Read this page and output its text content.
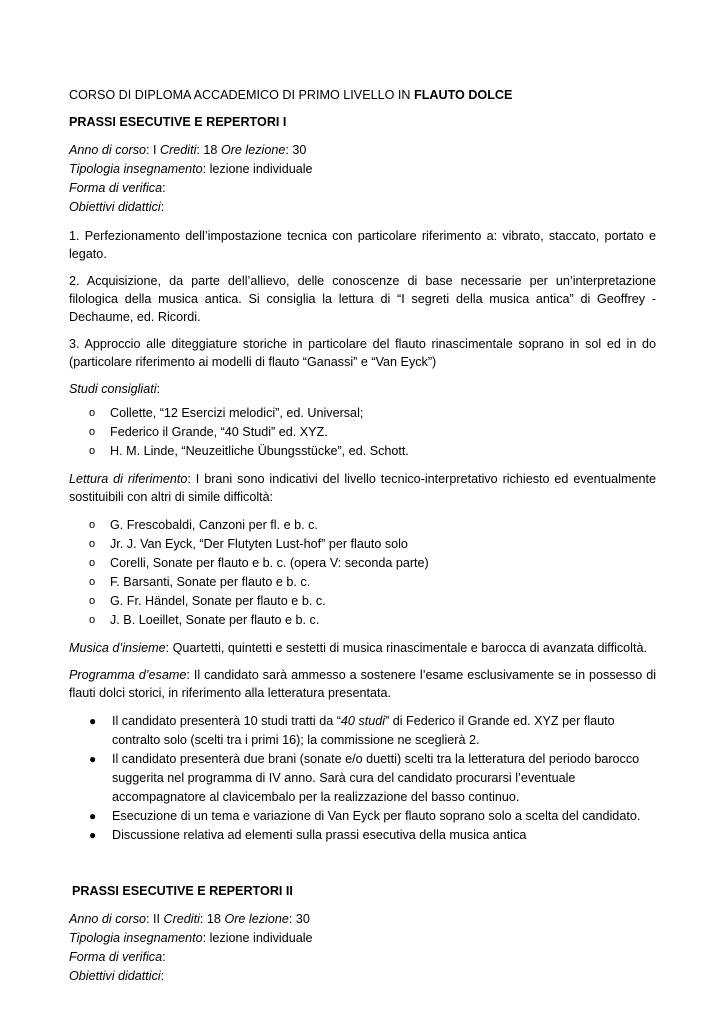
CORSO DI DIPLOMA ACCADEMICO DI PRIMO LIVELLO IN FLAUTO DOLCE

PRASSI ESECUTIVE E REPERTORI I

Anno di corso: I Crediti: 18 Ore lezione: 30

Tipologia insegnamento: lezione individuale

Forma di verifica:

Obiettivi didattici:

1. Perfezionamento dell’impostazione tecnica con particolare riferimento a: vibrato, staccato, portato e legato.

2. Acquisizione, da parte dell’allievo, delle conoscenze di base necessarie per un’interpretazione filologica della musica antica. Si consiglia la lettura di “I segreti della musica antica” di Geoffrey - Dechaume, ed. Ricordi.

3. Approccio alle diteggiature storiche in particolare del flauto rinascimentale soprano in sol ed in do (particolare riferimento ai modelli di flauto “Ganassi” e “Van Eyck”)

Studi consigliati:

o Collette, “12 Esercizi melodici”, ed. Universal;
o Federico il Grande, “40 Studi” ed. XYZ.
o H. M. Linde, “Neuzeitliche Übungsstücke”, ed. Schott.

Lettura di riferimento: I brani sono indicativi del livello tecnico-interpretativo richiesto ed eventualmente sostituibili con altri di simile difficoltà:

o G. Frescobaldi, Canzoni per fl. e b. c.
o Jr. J. Van Eyck, “Der Flutyten Lust-hof” per flauto solo
o Corelli, Sonate per flauto e b. c. (opera V: seconda parte)
o F. Barsanti, Sonate per flauto e b. c.
o G. Fr. Händel, Sonate per flauto e b. c.
o J. B. Loeillet, Sonate per flauto e b. c.

Musica d’insieme: Quartetti, quintetti e sestetti di musica rinascimentale e barocca di avanzata difficoltà.

Programma d’esame: Il candidato sarà ammesso a sostenere l’esame esclusivamente se in possesso di flauti dolci storici, in riferimento alla letteratura presentata.

● Il candidato presenterà 10 studi tratti da “40 studi” di Federico il Grande ed. XYZ per flauto contralto solo (scelti tra i primi 16); la commissione ne sceglierà 2.
● Il candidato presenterà due brani (sonate e/o duetti) scelti tra la letteratura del periodo barocco suggerita nel programma di IV anno. Sarà cura del candidato procurarsi l’eventuale accompagnatore al clavicembalo per la realizzazione del basso continuo.
● Esecuzione di un tema e variazione di Van Eyck per flauto soprano solo a scelta del candidato.
● Discussione relativa ad elementi sulla prassi esecutiva della musica antica

PRASSI ESECUTIVE E REPERTORI II

Anno di corso: II Crediti: 18 Ore lezione: 30

Tipologia insegnamento: lezione individuale

Forma di verifica:

Obiettivi didattici:
